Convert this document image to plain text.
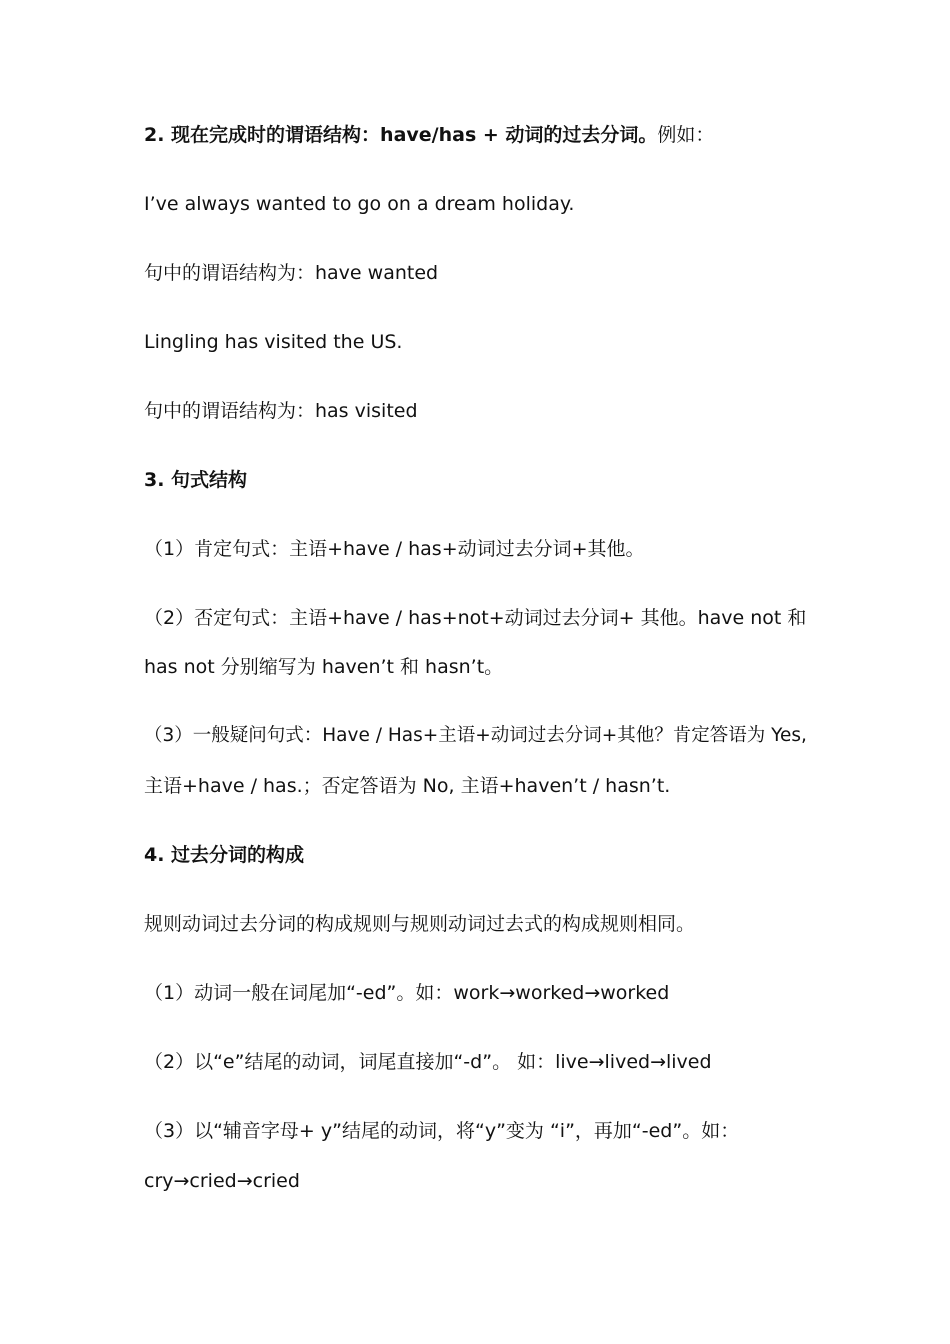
2. 现在完成时的谓语结构：have/has + 动词的过去分词。例如：
I’ve always wanted to go on a dream holiday.
句中的谓语结构为：have wanted
Lingling has visited the US.
句中的谓语结构为：has visited
3. 句式结构
（1）肯定句式：主语+have / has+动词过去分词+其他。
（2）否定句式：主语+have / has+not+动词过去分词+ 其他。have not 和
has not 分别缩写为 haven’t 和 hasn’t。
（3）一般疑问句式：Have / Has+主语+动词过去分词+其他？肯定答语为 Yes,
主语+have / has.；否定答语为 No, 主语+haven’t / hasn’t.
4. 过去分词的构成
规则动词过去分词的构成规则与规则动词过去式的构成规则相同。
（1）动词一般在词尾加“-ed”。如：work→worked→worked
（2）以“e”结尾的动词，词尾直接加“-d”。 如：live→lived→lived
（3）以“辅音字母+ y”结尾的动词，将“y”变为 “i”，再加“-ed”。如：
cry→cried→cried
